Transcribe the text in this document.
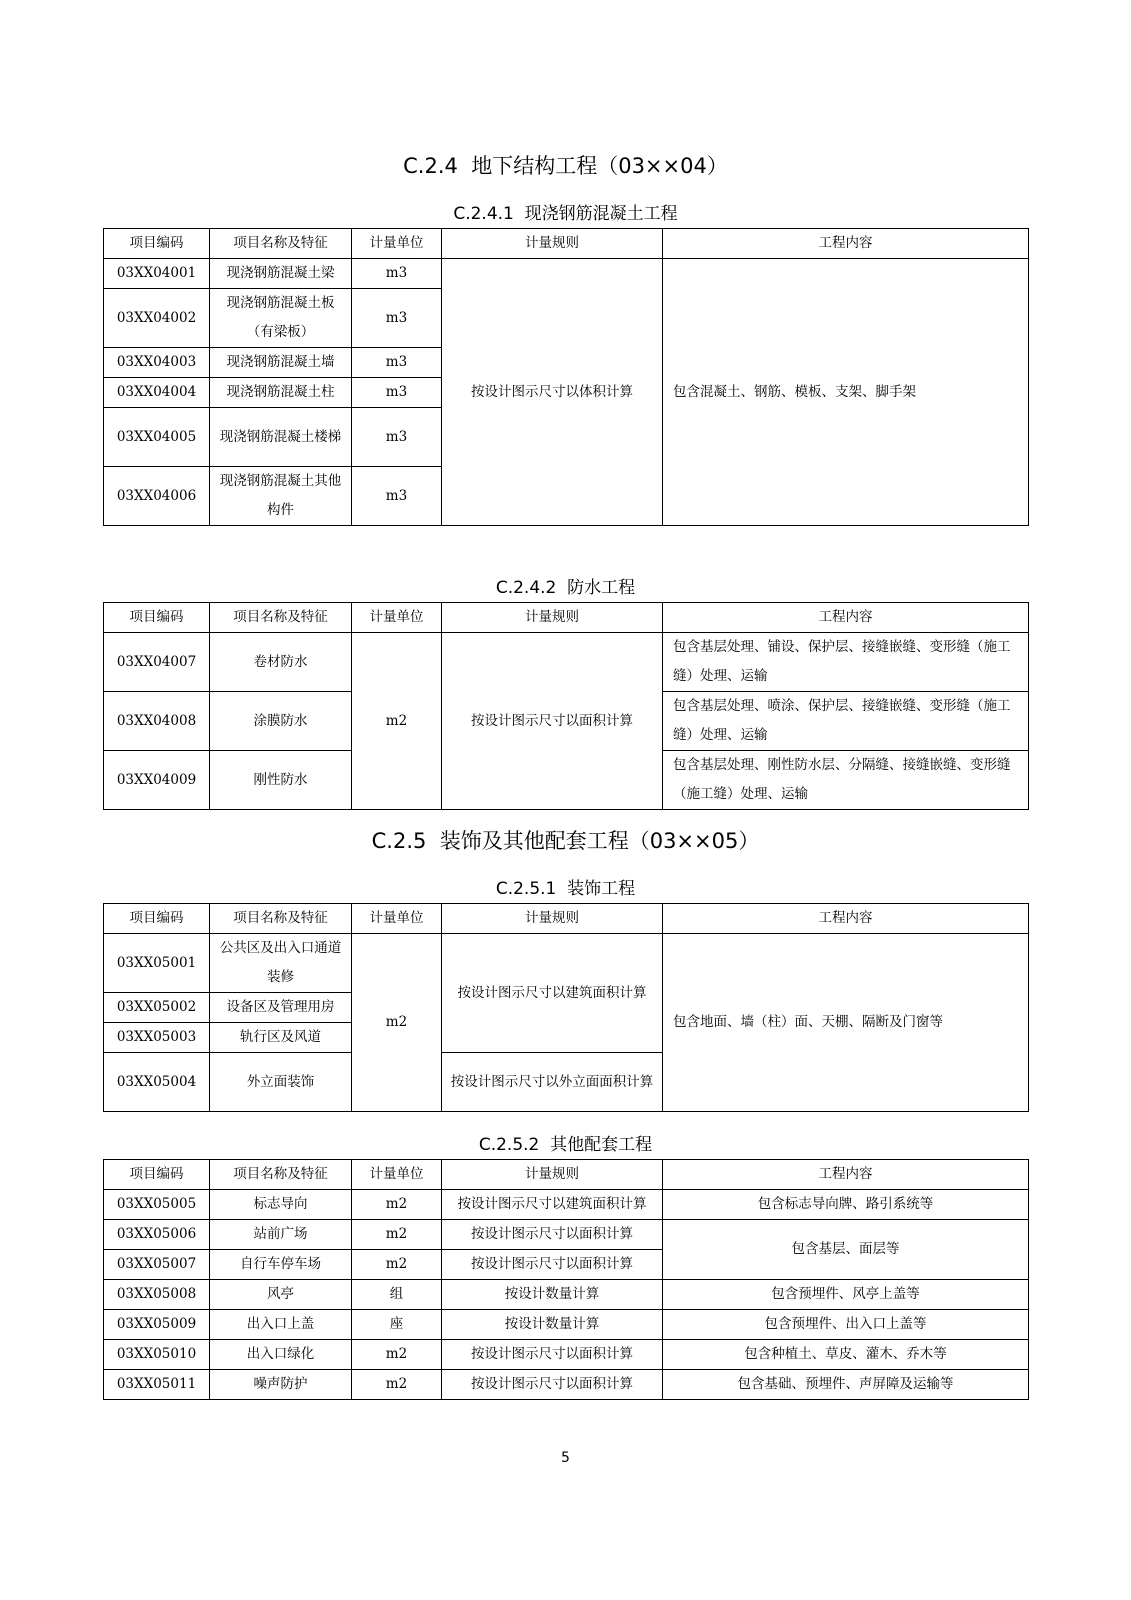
C.2.4  地下结构工程（03××04）
C.2.4.1  现浇钢筋混凝土工程
项目编码	项目名称及特征	计量单位	计量规则	工程内容
03XX04001	现浇钢筋混凝土梁	m3	按设计图示尺寸以体积计算	包含混凝土、钢筋、模板、支架、脚手架
03XX04002	现浇钢筋混凝土板（有梁板）	m3		
03XX04003	现浇钢筋混凝土墙	m3		
03XX04004	现浇钢筋混凝土柱	m3		
03XX04005	现浇钢筋混凝土楼梯	m3		
03XX04006	现浇钢筋混凝土其他构件	m3		
C.2.4.2  防水工程
项目编码	项目名称及特征	计量单位	计量规则	工程内容
03XX04007	卷材防水	m2	按设计图示尺寸以面积计算	包含基层处理、铺设、保护层、接缝嵌缝、变形缝（施工缝）处理、运输
03XX04008	涂膜防水			包含基层处理、喷涂、保护层、接缝嵌缝、变形缝（施工缝）处理、运输
03XX04009	刚性防水			包含基层处理、刚性防水层、分隔缝、接缝嵌缝、变形缝（施工缝）处理、运输
C.2.5  装饰及其他配套工程（03××05）
C.2.5.1  装饰工程
项目编码	项目名称及特征	计量单位	计量规则	工程内容
03XX05001	公共区及出入口通道装修	m2	按设计图示尺寸以建筑面积计算	包含地面、墙（柱）面、天棚、隔断及门窗等
03XX05002	设备区及管理用房			
03XX05003	轨行区及风道			
03XX05004	外立面装饰		按设计图示尺寸以外立面面积计算	
C.2.5.2  其他配套工程
项目编码	项目名称及特征	计量单位	计量规则	工程内容
03XX05005	标志导向	m2	按设计图示尺寸以建筑面积计算	包含标志导向牌、路引系统等
03XX05006	站前广场	m2	按设计图示尺寸以面积计算	包含基层、面层等
03XX05007	自行车停车场	m2	按设计图示尺寸以面积计算	
03XX05008	风亭	组	按设计数量计算	包含预埋件、风亭上盖等
03XX05009	出入口上盖	座	按设计数量计算	包含预埋件、出入口上盖等
03XX05010	出入口绿化	m2	按设计图示尺寸以面积计算	包含种植土、草皮、灌木、乔木等
03XX05011	噪声防护	m2	按设计图示尺寸以面积计算	包含基础、预埋件、声屏障及运输等
5
